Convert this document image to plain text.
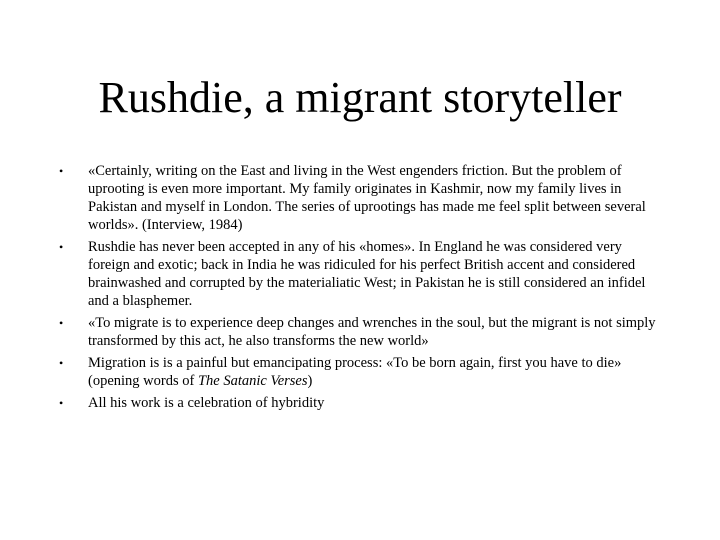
Rushdie, a migrant storyteller
• «Certainly, writing on the East and living in the West engenders friction. But the problem of uprooting is even more important. My family originates in Kashmir, now my family lives in Pakistan and myself in London. The series of uprootings has made me feel split between several worlds». (Interview, 1984)
• Rushdie has never been accepted in any of his «homes». In England he was considered very foreign and exotic; back in India he was ridiculed for his perfect British accent and considered brainwashed and corrupted by the materialiatic West; in Pakistan he is still considered an infidel and a blasphemer.
• «To migrate is to experience deep changes and wrenches in the soul, but the migrant is not simply transformed by this act, he also transforms the new world»
• Migration is is a painful but emancipating process: «To be born again, first you have to die» (opening words of The Satanic Verses)
• All his work is a celebration of hybridity
